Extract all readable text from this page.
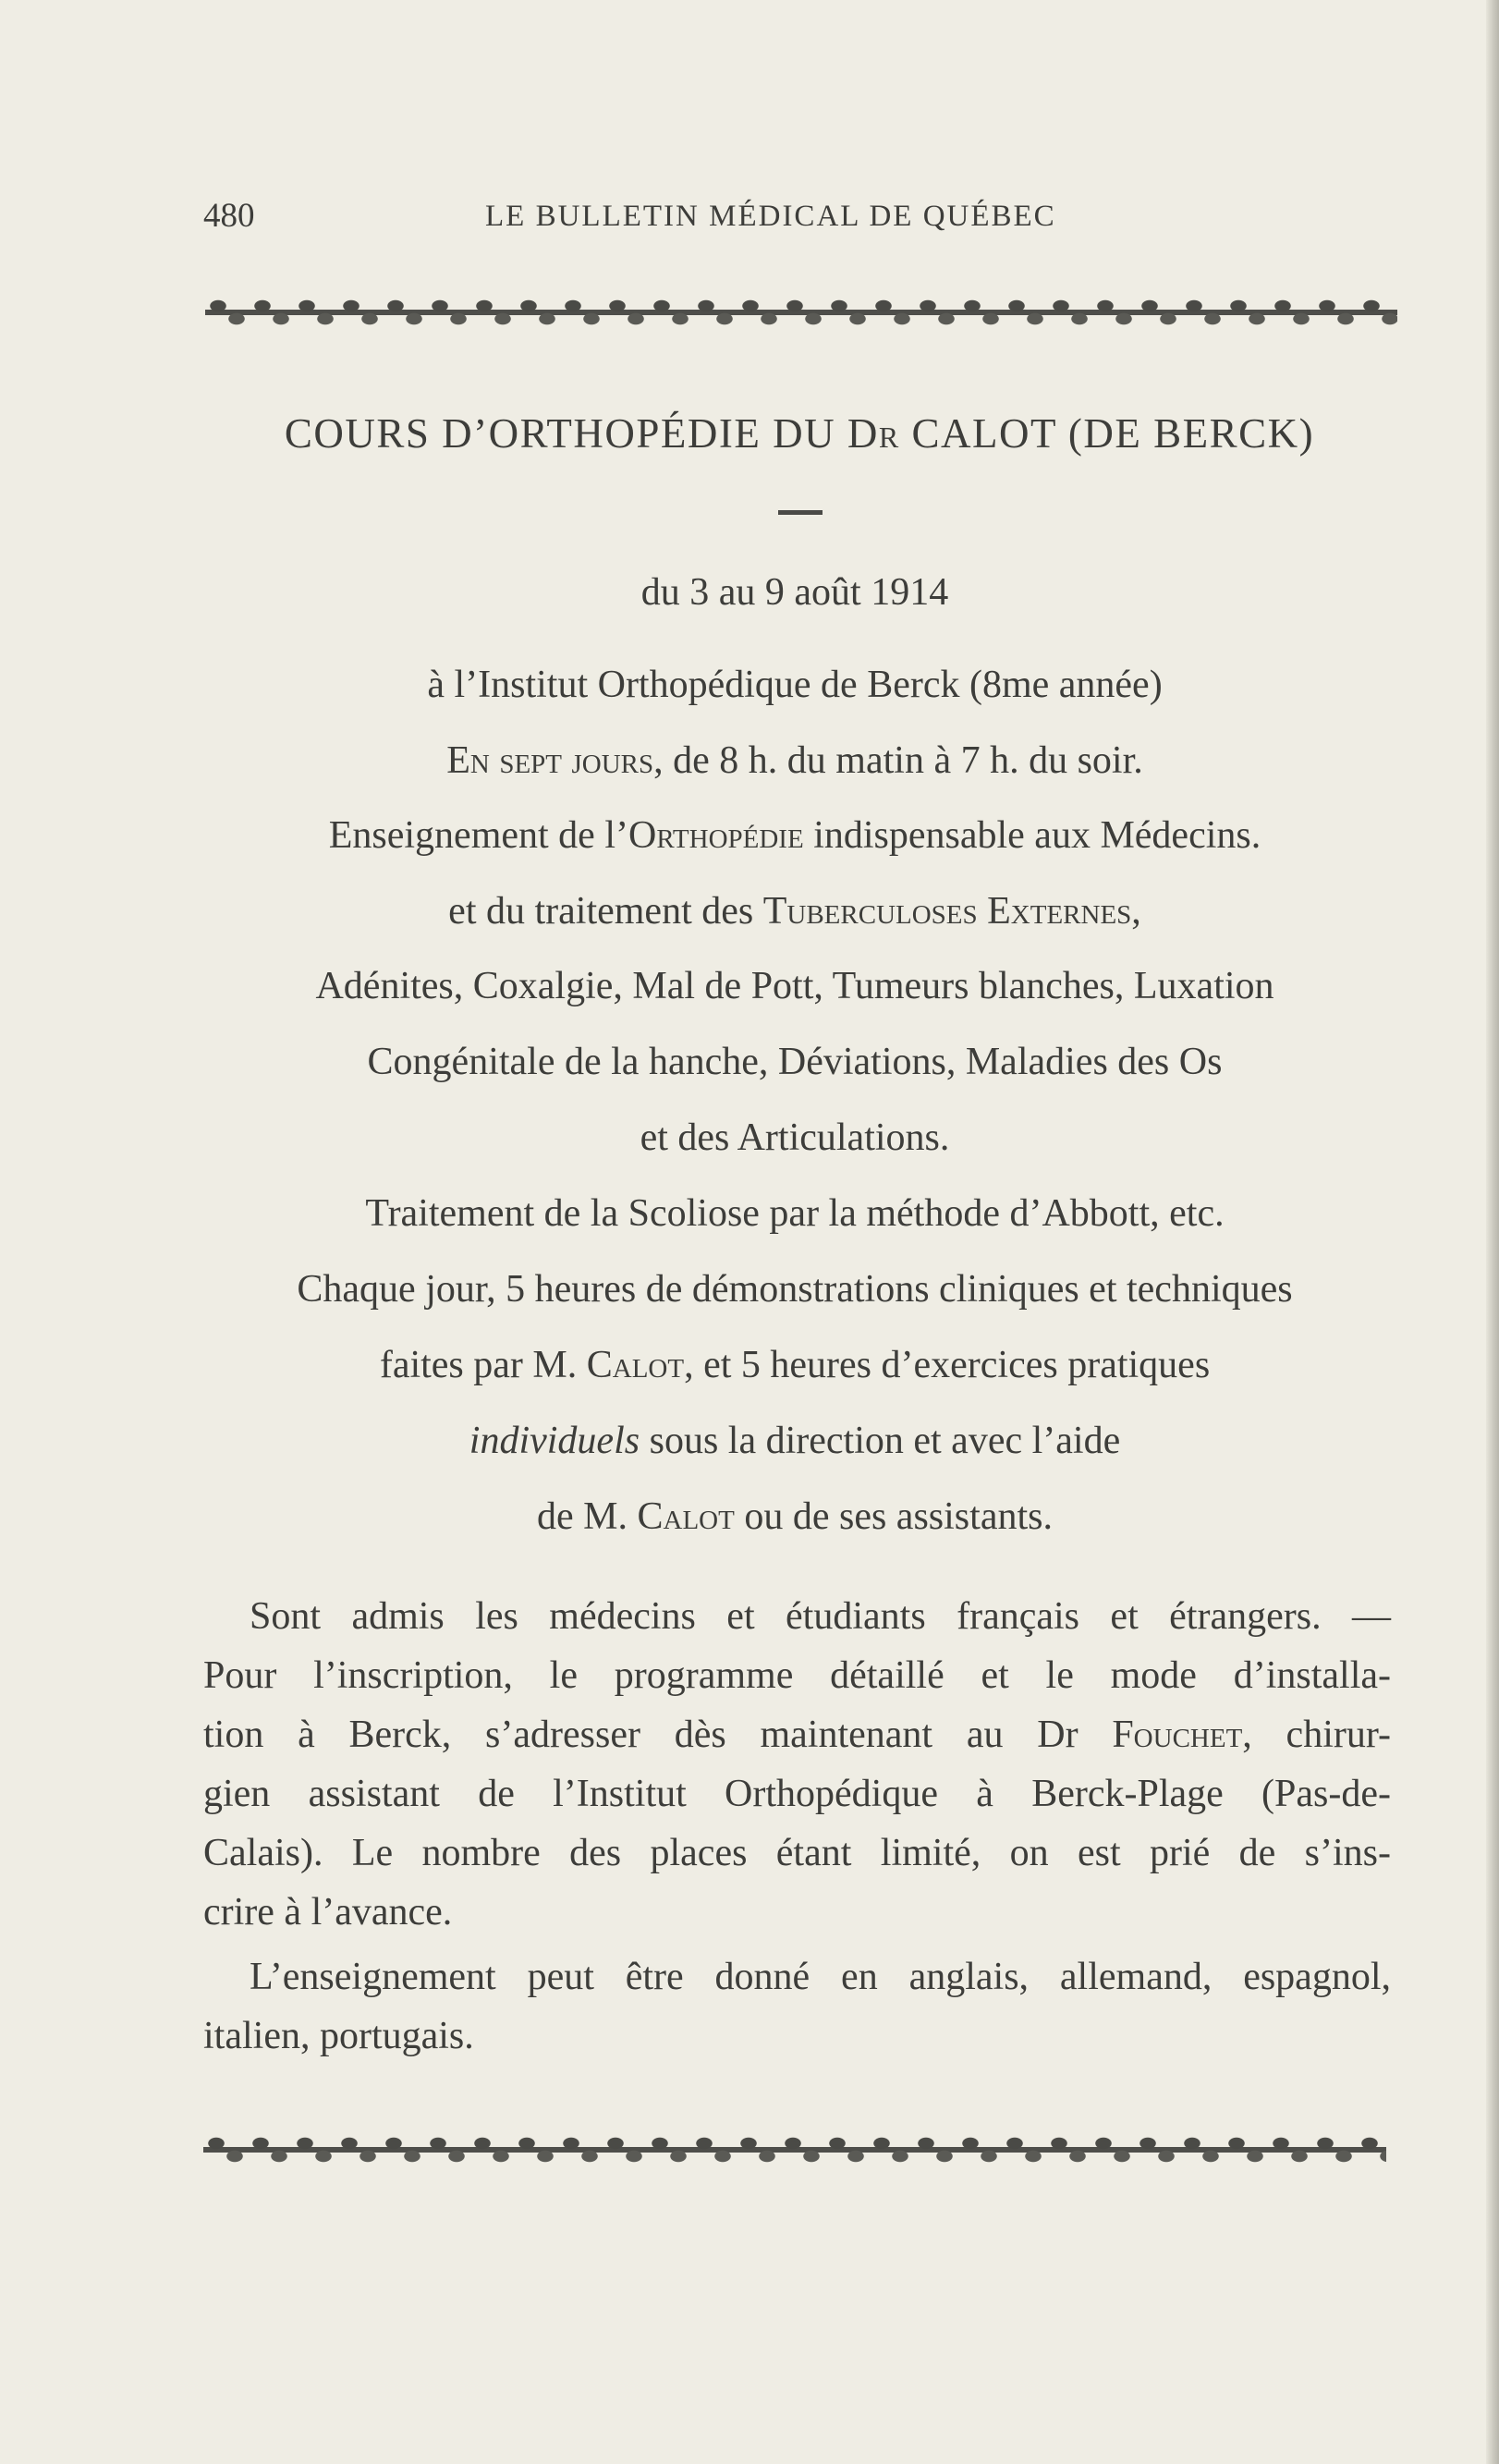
480	LE BULLETIN MÉDICAL DE QUÉBEC
COURS D’ORTHOPÉDIE DU Dr CALOT (DE BERCK)
du 3 au 9 août 1914
à l’Institut Orthopédique de Berck (8me année)
En sept jours, de 8 h. du matin à 7 h. du soir.
Enseignement de l’Orthopédie indispensable aux Médecins.
et du traitement des Tuberculoses Externes,
Adénites, Coxalgie, Mal de Pott, Tumeurs blanches, Luxation
Congénitale de la hanche, Déviations, Maladies des Os
et des Articulations.
Traitement de la Scoliose par la méthode d’Abbott, etc.
Chaque jour, 5 heures de démonstrations cliniques et techniques
faites par M. Calot, et 5 heures d’exercices pratiques
individuels sous la direction et avec l’aide
de M. Calot ou de ses assistants.
Sont admis les médecins et étudiants français et étrangers. —
Pour l’inscription, le programme détaillé et le mode d’installa-
tion à Berck, s’adresser dès maintenant au Dr Fouchet, chirur-
gien assistant de l’Institut Orthopédique à Berck-Plage (Pas-de-
Calais). Le nombre des places étant limité, on est prié de s’ins-
crire à l’avance.
L’enseignement peut être donné en anglais, allemand, espagnol,
italien, portugais.
